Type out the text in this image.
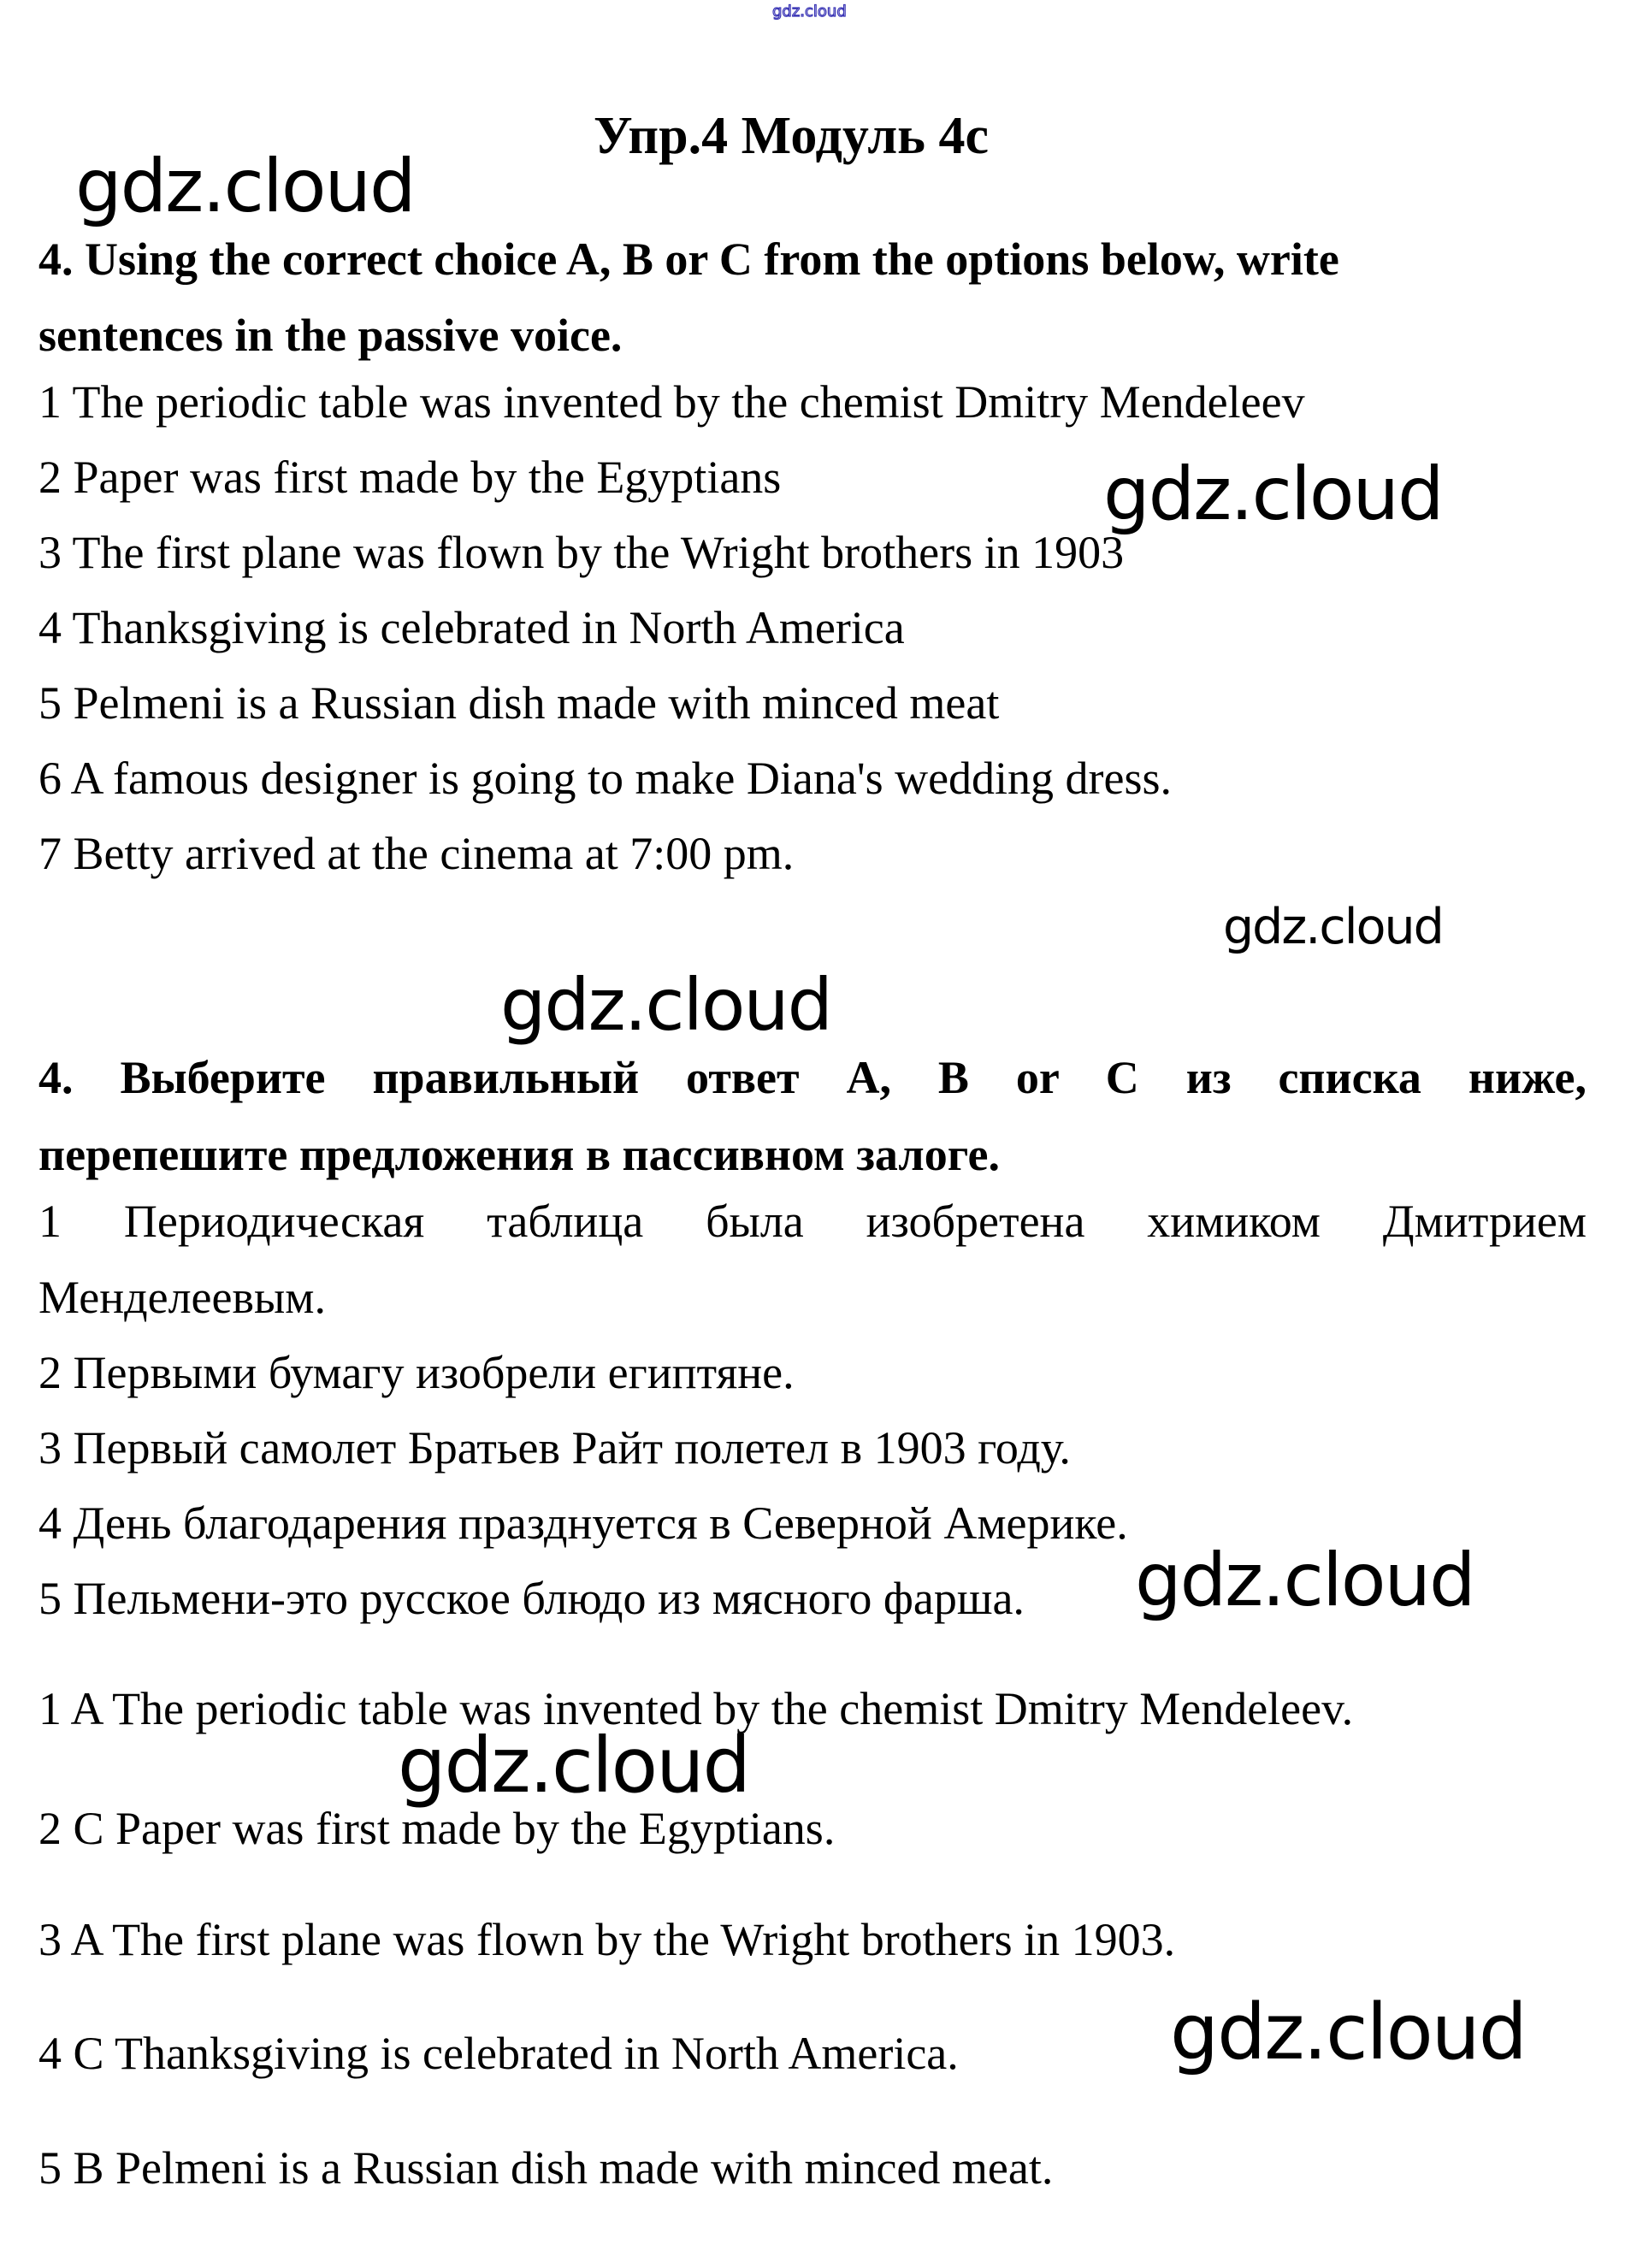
gdz.cloud
gdz.cloud
gdz.cloud
gdz.cloud
gdz.cloud
gdz.cloud
gdz.cloud
gdz.cloud
Упр.4 Модуль 4c
4. Using the correct choice A, B or C from the options below, write
sentences in the passive voice.
1 The periodic table was invented by the chemist Dmitry Mendeleev
2 Paper was first made by the Egyptians
3 The first plane was flown by the Wright brothers in 1903
4 Thanksgiving is celebrated in North America
5 Pelmeni is a Russian dish made with minced meat
6 A famous designer is going to make Diana's wedding dress.
7 Betty arrived at the cinema at 7:00 pm.
4. Выберите правильный ответ А, В or С из списка ниже,
перепешите предложения в пассивном залоге.
1 Периодическая таблица была изобретена химиком Дмитрием
Менделеевым.
2 Первыми бумагу изобрели египтяне.
3 Первый самолет Братьев Райт полетел в 1903 году.
4 День благодарения празднуется в Северной Америке.
5 Пельмени-это русское блюдо из мясного фарша.
1 A The periodic table was invented by the chemist Dmitry Mendeleev.
2 C Paper was first made by the Egyptians.
3 A The first plane was flown by the Wright brothers in 1903.
4 C Thanksgiving is celebrated in North America.
5 B Pelmeni is a Russian dish made with minced meat.
